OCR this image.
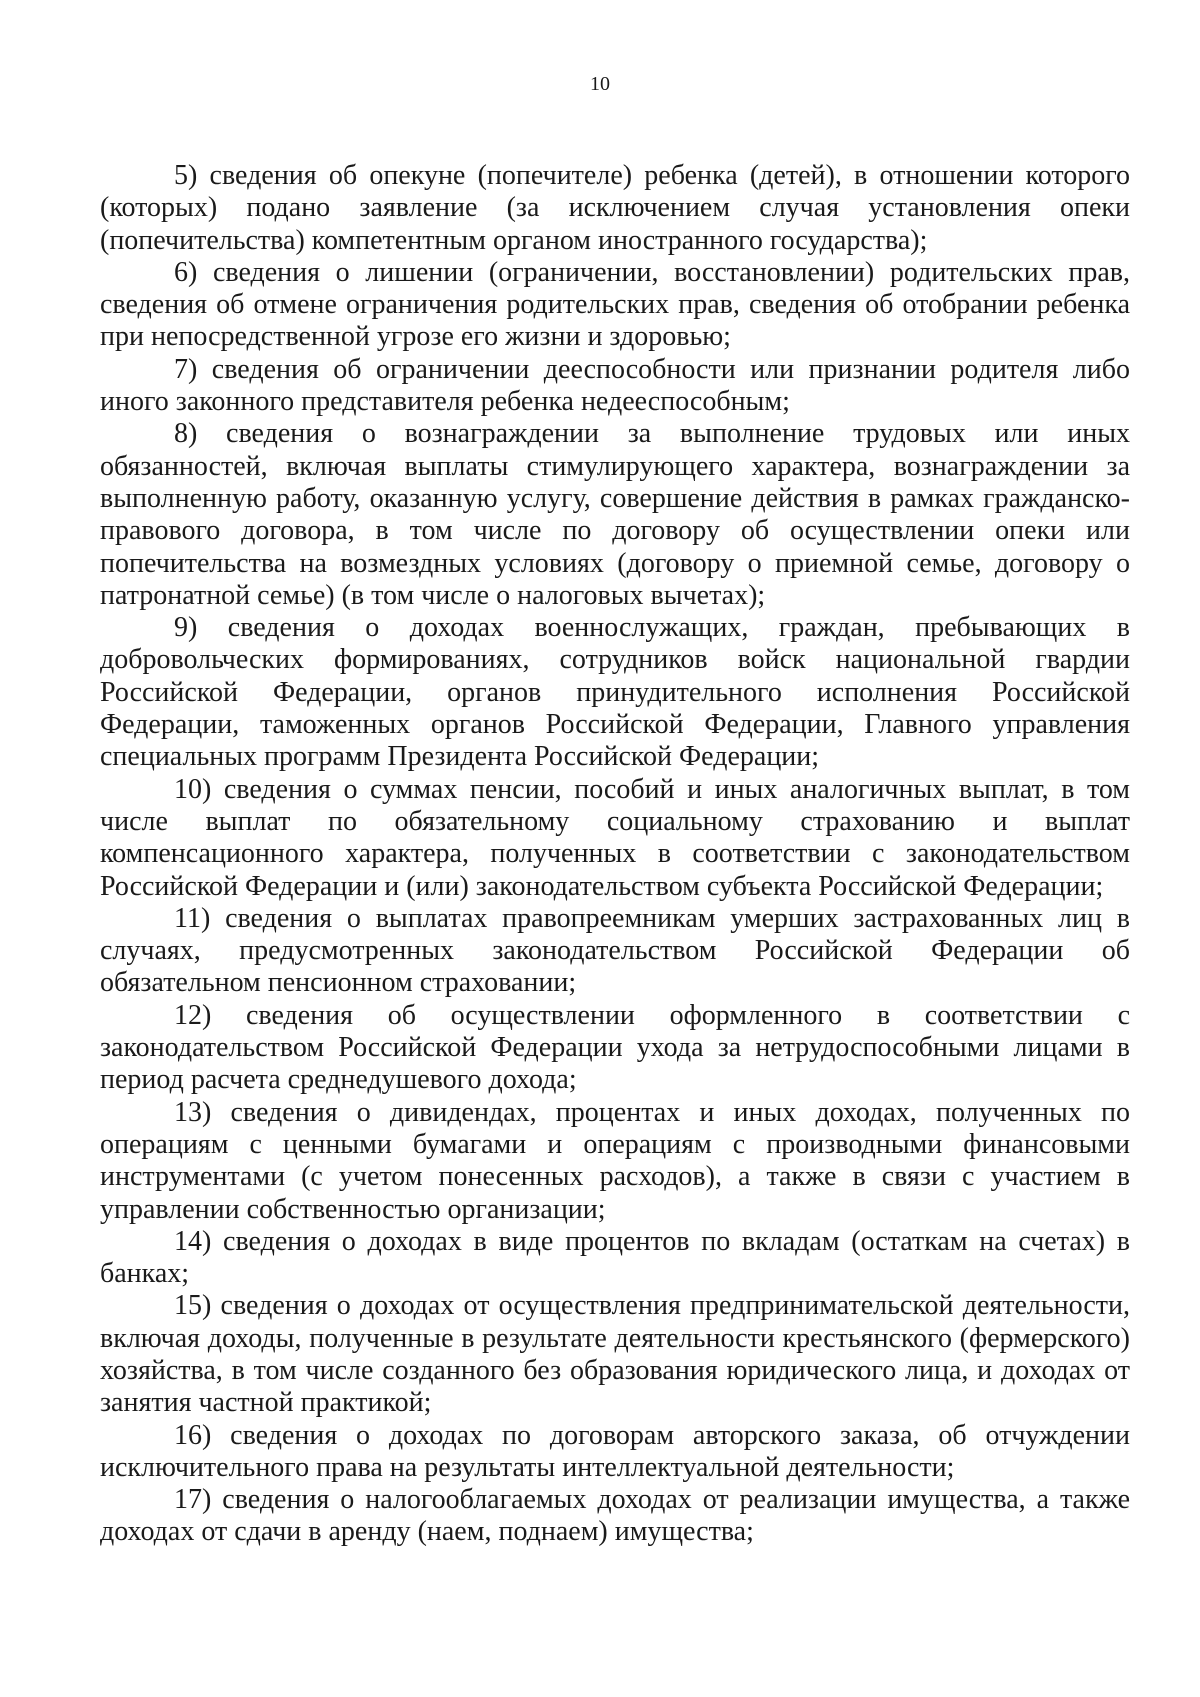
10

5) сведения об опекуне (попечителе) ребенка (детей), в отношении которого (которых) подано заявление (за исключением случая установления опеки (попечительства) компетентным органом иностранного государства);

6) сведения о лишении (ограничении, восстановлении) родительских прав, сведения об отмене ограничения родительских прав, сведения об отобрании ребенка при непосредственной угрозе его жизни и здоровью;

7) сведения об ограничении дееспособности или признании родителя либо иного законного представителя ребенка недееспособным;

8) сведения о вознаграждении за выполнение трудовых или иных обязанностей, включая выплаты стимулирующего характера, вознаграждении за выполненную работу, оказанную услугу, совершение действия в рамках гражданско-правового договора, в том числе по договору об осуществлении опеки или попечительства на возмездных условиях (договору о приемной семье, договору о патронатной семье) (в том числе о налоговых вычетах);

9) сведения о доходах военнослужащих, граждан, пребывающих в добровольческих формированиях, сотрудников войск национальной гвардии Российской Федерации, органов принудительного исполнения Российской Федерации, таможенных органов Российской Федерации, Главного управления специальных программ Президента Российской Федерации;

10) сведения о суммах пенсии, пособий и иных аналогичных выплат, в том числе выплат по обязательному социальному страхованию и выплат компенсационного характера, полученных в соответствии с законодательством Российской Федерации и (или) законодательством субъекта Российской Федерации;

11) сведения о выплатах правопреемникам умерших застрахованных лиц в случаях, предусмотренных законодательством Российской Федерации об обязательном пенсионном страховании;

12) сведения об осуществлении оформленного в соответствии с законодательством Российской Федерации ухода за нетрудоспособными лицами в период расчета среднедушевого дохода;

13) сведения о дивидендах, процентах и иных доходах, полученных по операциям с ценными бумагами и операциям с производными финансовыми инструментами (с учетом понесенных расходов), а также в связи с участием в управлении собственностью организации;

14) сведения о доходах в виде процентов по вкладам (остаткам на счетах) в банках;

15) сведения о доходах от осуществления предпринимательской деятельности, включая доходы, полученные в результате деятельности крестьянского (фермерского) хозяйства, в том числе созданного без образования юридического лица, и доходах от занятия частной практикой;

16) сведения о доходах по договорам авторского заказа, об отчуждении исключительного права на результаты интеллектуальной деятельности;

17) сведения о налогооблагаемых доходах от реализации имущества, а также доходах от сдачи в аренду (наем, поднаем) имущества;
